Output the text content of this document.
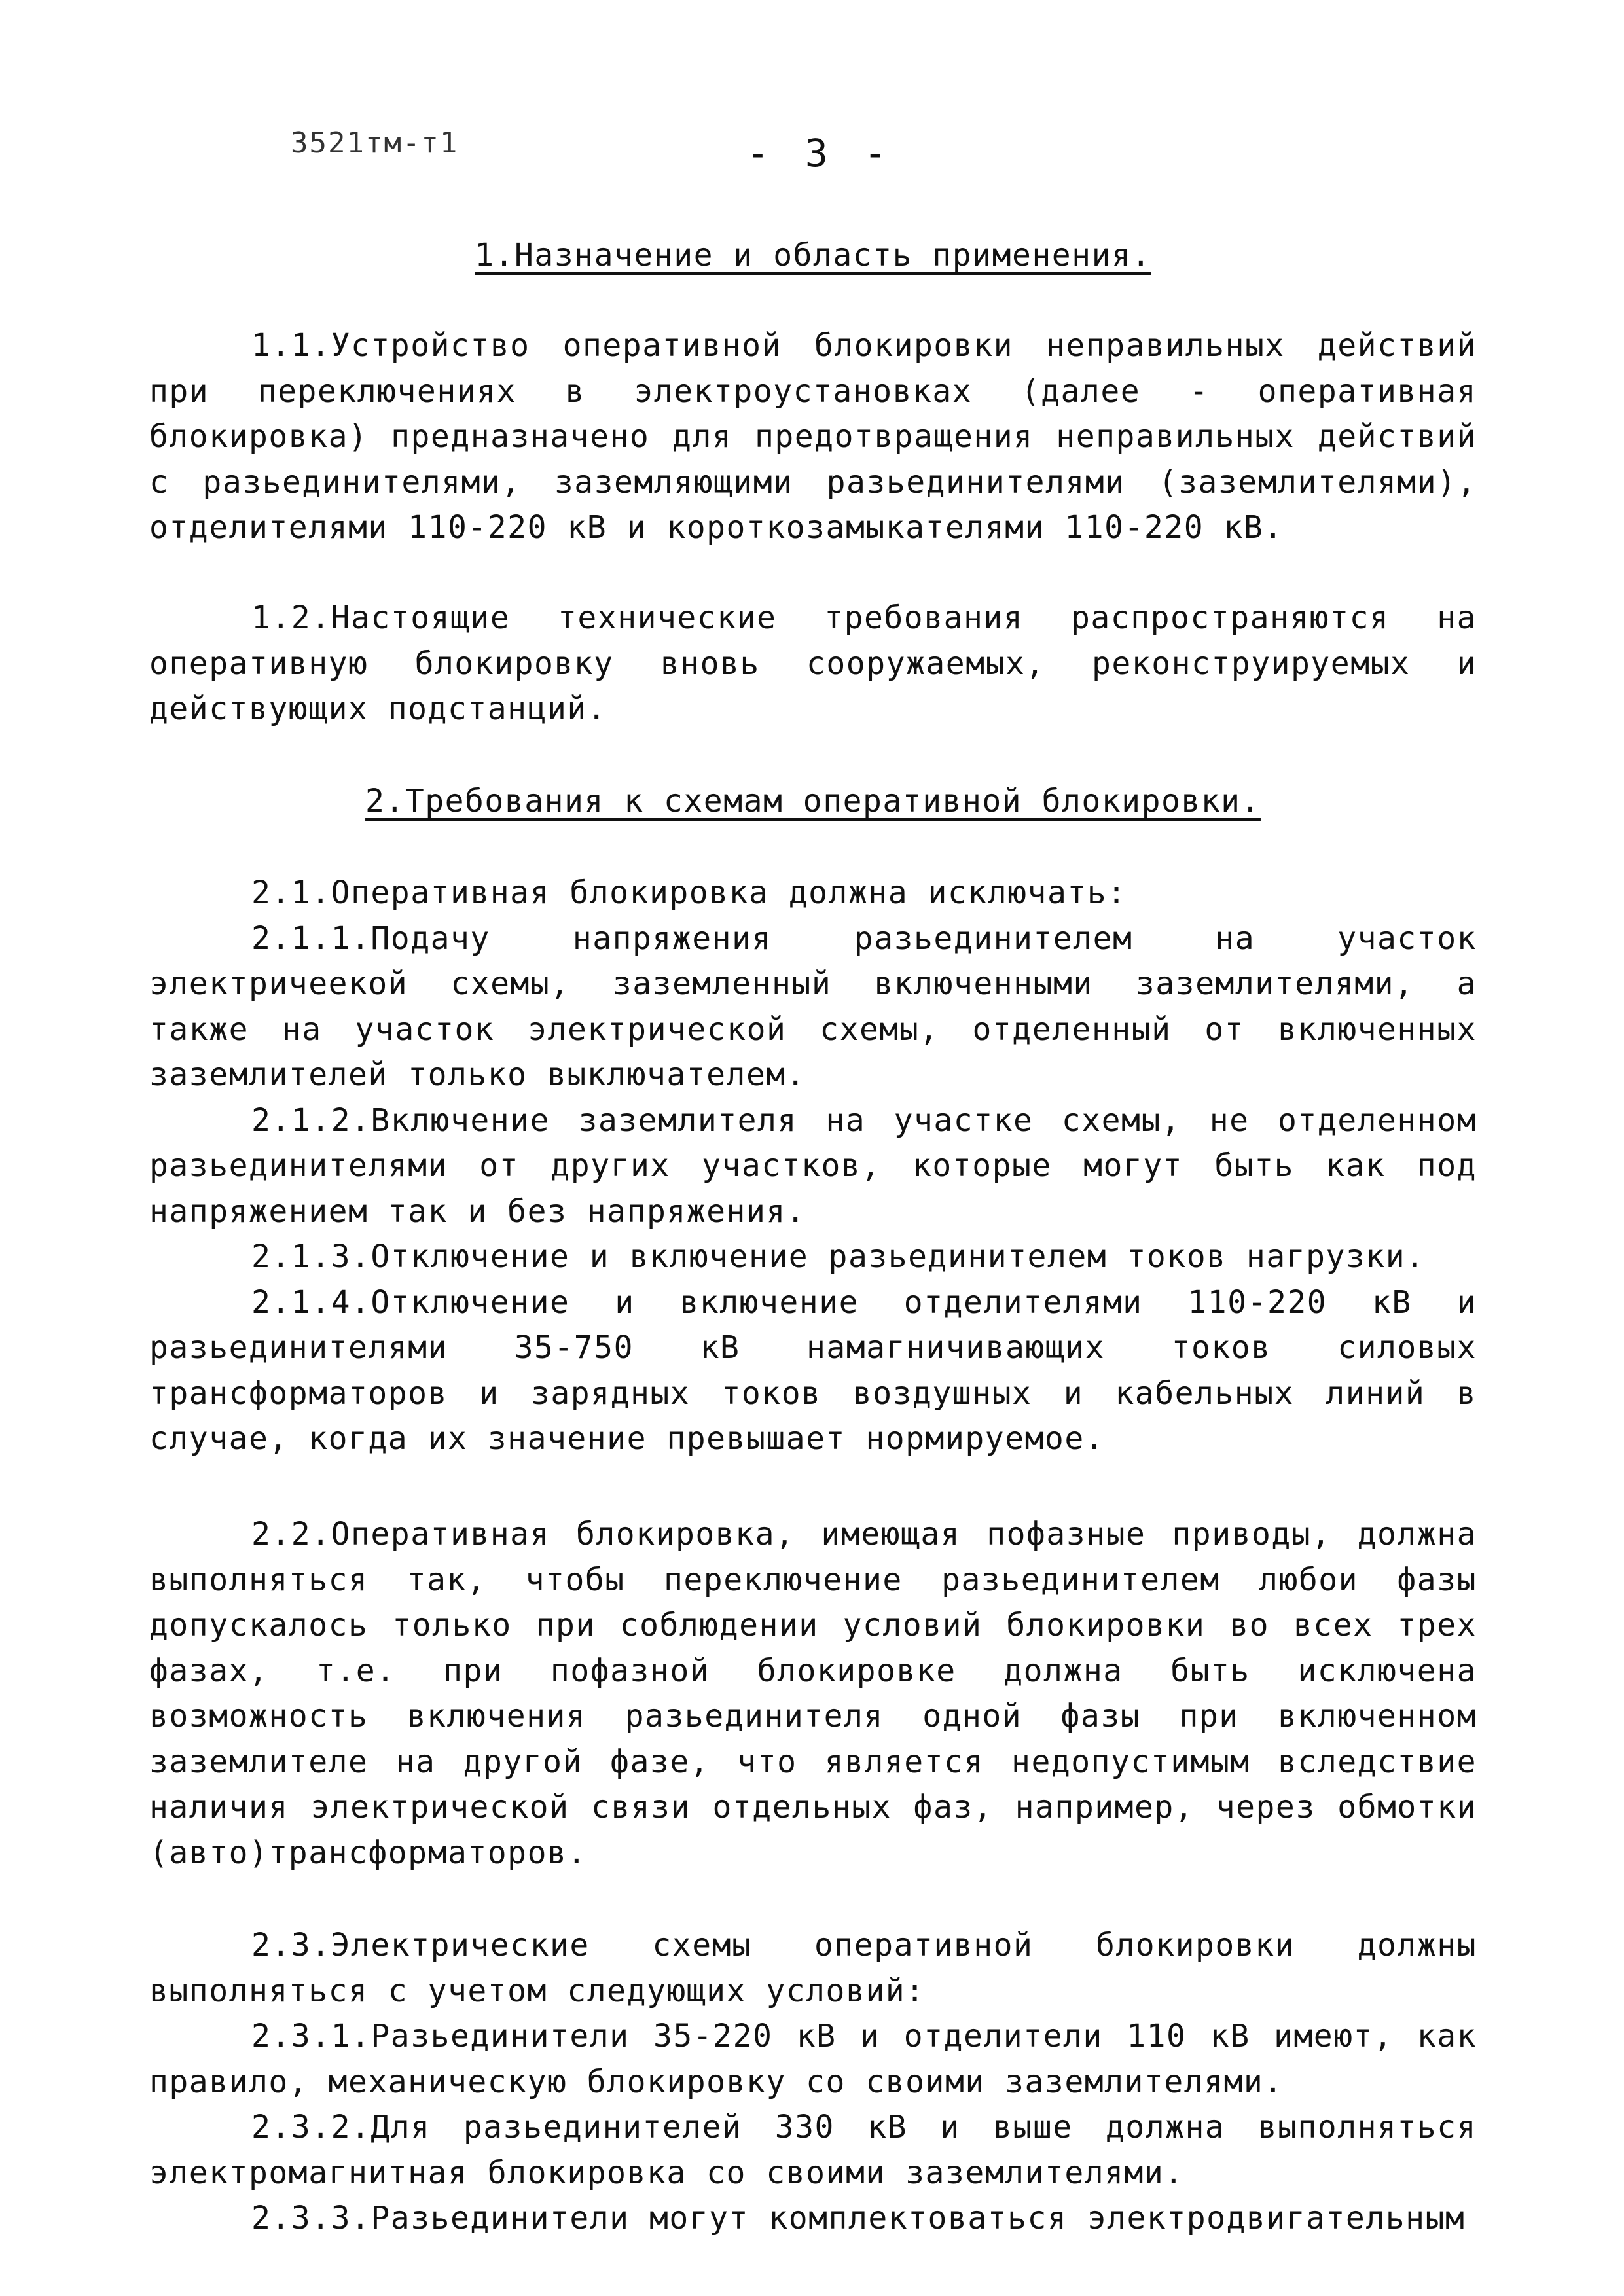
3521тм-т1	- 3 -
1.Назначение и область применения.

1.1.Устройство оперативной блокировки неправильных действий при переключениях в электроустановках (далее - оперативная блокировка) предназначено для предотвращения неправильных действий с разьединителями, заземляющими разьединителями (заземлителями), отделителями 110-220 кВ и короткозамыкателями 110-220 кВ.

1.2.Настоящие технические требования распространяются на оперативную блокировку вновь сооружаемых, реконструируемых и действующих подстанций.

2.Требования к схемам оперативной блокировки.

2.1.Оперативная блокировка должна исключать:

2.1.1.Подачу напряжения разьединителем на участок электричеекой схемы, заземленный включенными заземлителями, а также на участок электрической схемы, отделенный от включенных заземлителей только выключателем.

2.1.2.Включение заземлителя на участке схемы, не отделенном разьединителями от других участков, которые могут быть как под напряжением так и без напряжения.

2.1.3.Отключение и включение разьединителем токов нагрузки.

2.1.4.Отключение и включение отделителями 110-220 кВ и разьединителями 35-750 кВ намагничивающих токов силовых трансформаторов и зарядных токов воздушных и кабельных линий в случае, когда их значение превышает нормируемое.

2.2.Оперативная блокировка, имеющая пофазные приводы, должна выполняться так, чтобы переключение разьединителем любои фазы допускалось только при соблюдении условий блокировки во всех трех фазах, т.е. при пофазной блокировке должна быть исключена возможность включения разьединителя одной фазы при включенном заземлителе на другой фазе, что является недопустимым вследствие наличия электрической связи отдельных фаз, например, через обмотки (авто)трансформаторов.

2.3.Электрические схемы оперативной блокировки должны выполняться с учетом следующих условий:

2.3.1.Разьединители 35-220 кВ и отделители 110 кВ имеют, как правило, механическую блокировку со своими заземлителями.

2.3.2.Для разьединителей 330 кВ и выше должна выполняться электромагнитная блокировка со своими заземлителями.

2.3.3.Разьединители могут комплектоваться электродвигательным
